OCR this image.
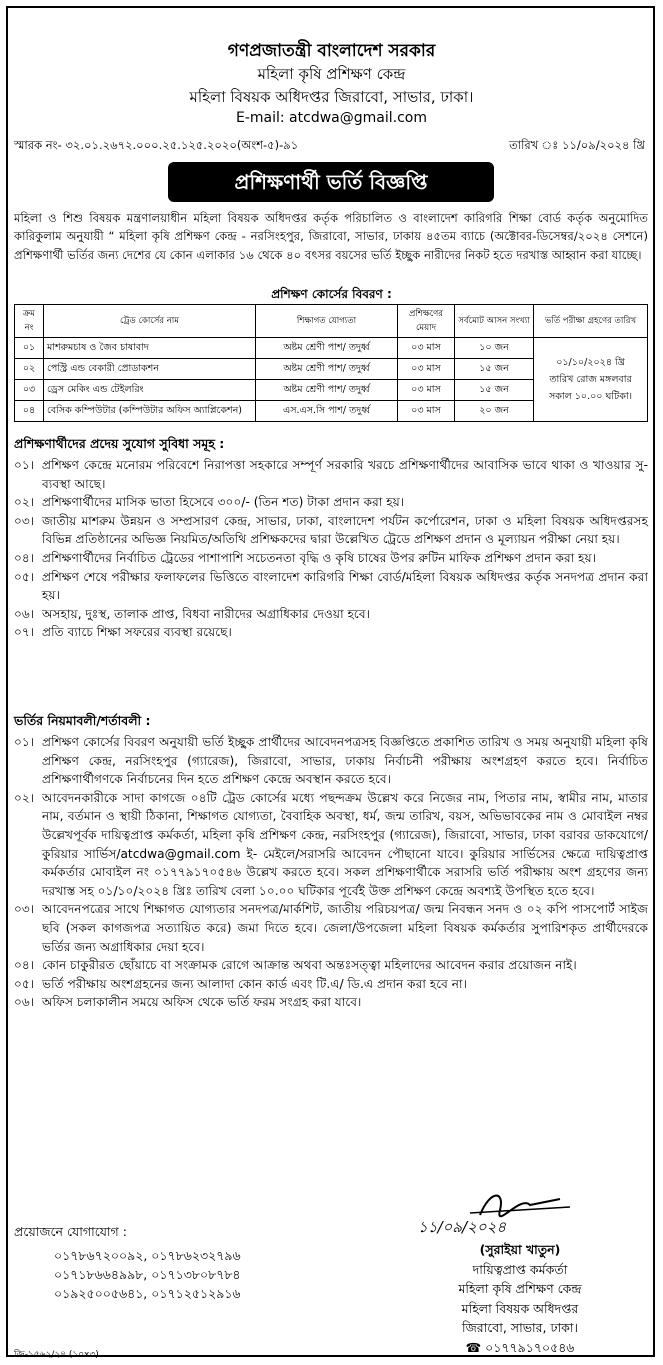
গণপ্রজাতন্ত্রী বাংলাদেশ সরকার
মহিলা কৃষি প্রশিক্ষণ কেন্দ্র
মহিলা বিষয়ক অধিদপ্তর জিরাবো, সাভার, ঢাকা।
E-mail: atcdwa@gmail.com
স্মারক নং- ৩২.০১.২৬৭২.০০০.২৫.১২৫.২০২০(অংশ-৫)-৯১	তারিখ ঃ ১১/০৯/২০২৪ খ্রি
প্রশিক্ষণার্থী ভর্তি বিজ্ঞপ্তি
মহিলা ও শিশু বিষয়ক মন্ত্রণালয়াধীন মহিলা বিষয়ক অধিদপ্তর কর্তৃক পরিচালিত ও বাংলাদেশ কারিগরি শিক্ষা বোর্ড কর্তৃক অনুমোদিত কারিকুলাম অনুযায়ী “ মহিলা কৃষি প্রশিক্ষণ কেন্দ্র - নরসিংহপুর, জিরাবো, সাভার, ঢাকায় ৪৫তম ব্যাচে (অক্টোবর-ডিসেম্বর/২০২৪ সেশনে) প্রশিক্ষণার্থী ভর্তির জন্য দেশের যে কোন এলাকার ১৬ থেকে ৪০ বৎসর বয়সের ভর্তি ইচ্ছুক নারীদের নিকট হতে দরখাস্ত আহ্বান করা যাচ্ছে।
প্রশিক্ষণ কোর্সের বিবরণ :
ক্রম নং	ট্রেড কোর্সের নাম	শিক্ষাগত যোগ্যতা	প্রশিক্ষণের মেয়াদ	সর্বমোট আসন সংখ্যা	ভর্তি পরীক্ষা গ্রহণের তারিখ
০১	মাশরুমচাষ ও জৈব চাষাবাদ	অষ্টম শ্রেণী পাশ/ তদুর্ধ্ব	০৩ মাস	১০ জন	০১/১০/২০২৪ খ্রি
তারিখ রোজ মঙ্গলবার
সকাল ১০.০০ ঘটিকা।

০২	পেস্ট্রি এন্ড বেকারী প্রোডাকশন	অষ্টম শ্রেণী পাশ/ তদুর্ধ্ব	০৩ মাস	১৫ জন	
০৩	ড্রেস মেকিং এন্ড টেইলরিং	অষ্টম শ্রেণী পাশ/ তদুর্ধ্ব	০৩ মাস	১৫ জন	
০৪	বেসিক কম্পিউটার (কম্পিউটার অফিস অ্যাপ্লিকেশন)	এস.এস.সি পাশ/ তদুর্ধ্ব	০৩ মাস	২০ জন	
প্রশিক্ষণার্থীদের প্রদেয় সুযোগ সুবিধা সমূহ :
০১। প্রশিক্ষণ কেন্দ্রে মনোরম পরিবেশে নিরাপত্তা সহকারে সম্পূর্ণ সরকারি খরচে প্রশিক্ষণার্থীদের আবাসিক ভাবে থাকা ও খাওয়ার সু-ব্যবস্থা আছে।
০২। প্রশিক্ষণার্থীদের মাসিক ভাতা হিসেবে ৩০০/- (তিন শত) টাকা প্রদান করা হয়।
০৩। জাতীয় মাশরুম উন্নয়ন ও সম্প্রসারণ কেন্দ্র, সাভার, ঢাকা, বাংলাদেশ পর্যটন কর্পোরেশন, ঢাকা ও মহিলা বিষয়ক অধিদপ্তরসহ বিভিন্ন প্রতিষ্ঠানের অভিজ্ঞ নিয়মিত/অতিথি প্রশিক্ষকদের দ্বারা উল্লেখিত ট্রেডে প্রশিক্ষণ প্রদান ও মূল্যায়ন পরীক্ষা নেয়া হয়।
০৪। প্রশিক্ষণার্থীদের নির্বাচিত ট্রেডের পাশাপাশি সচেতনতা বৃদ্ধি ও কৃষি চাষের উপর রুটিন মাফিক প্রশিক্ষণ প্রদান করা হয়।
০৫। প্রশিক্ষণ শেষে পরীক্ষার ফলাফলের ভিত্তিতে বাংলাদেশ কারিগরি শিক্ষা বোর্ড/মহিলা বিষয়ক অধিদপ্তর কর্তৃক সনদপত্র প্রদান করা হয়।
০৬। অসহায়, দুঃস্থ, তালাক প্রাপ্ত, বিধবা নারীদের অগ্রাধিকার দেওয়া হবে।
০৭। প্রতি ব্যাচে শিক্ষা সফরের ব্যবস্থা রয়েছে।
ভর্তির নিয়মাবলী/শর্তাবলী :
০১। প্রশিক্ষণ কোর্সের বিবরণ অনুযায়ী ভর্তি ইচ্ছুক প্রার্থীদের আবেদনপত্রসহ বিজ্ঞপ্তিতে প্রকাশিত তারিখ ও সময় অনুযায়ী মহিলা কৃষি প্রশিক্ষণ কেন্দ্র, নরসিংহপুর (গ্যারেজ), জিরাবো, সাভার, ঢাকায় নির্বাচনী পরীক্ষায় অংশগ্রহণ করতে হবে। নির্বাচিত প্রশিক্ষণার্থীগণকে নির্বাচনের দিন হতে প্রশিক্ষণ কেন্দ্রে অবস্থান করতে হবে।
০২। আবেদনকারীকে সাদা কাগজে ০৪টি ট্রেড কোর্সের মধ্যে পছন্দক্রম উল্লেখ করে নিজের নাম, পিতার নাম, স্বামীর নাম, মাতার নাম, বর্তমান ও স্থায়ী ঠিকানা, শিক্ষাগত যোগ্যতা, বৈবাহিক অবস্থা, ধর্ম, জন্ম তারিখ, বয়স, অভিভাবকের নাম ও মোবাইল নম্বর উল্লেখপূর্বক দায়িত্বপ্রাপ্ত কর্মকর্তা, মহিলা কৃষি প্রশিক্ষণ কেন্দ্র, নরসিংহপুর (গ্যারেজ), জিরাবো, সাভার, ঢাকা বরাবর ডাকযোগে/কুরিয়ার সার্ভিস/atcdwa@gmail.com ই- মেইলে/সরাসরি আবেদন পৌছানো যাবে। কুরিয়ার সার্ভিসের ক্ষেত্রে দায়িত্বপ্রাপ্ত কর্মকর্তার মোবাইল নং ০১৭৭৯১৭০৫৪৬ উল্লেখ করতে হবে। সকল প্রশিক্ষণার্থীকে সরাসরি ভর্তি পরীক্ষায় অংশ গ্রহণের জন্য দরখাস্ত সহ ০১/১০/২০২৪ খ্রিঃ তারিখ বেলা ১০.০০ ঘটিকার পূর্বেই উক্ত প্রশিক্ষণ কেন্দ্রে অবশ্যই উপস্থিত হতে হবে।
০৩। আবেদনপত্রের সাথে শিক্ষাগত যোগ্যতার সনদপত্র/মার্কশিট, জাতীয় পরিচয়পত্র/ জন্ম নিবন্ধন সনদ ও ০২ কপি পাসপোর্ট সাইজ ছবি (সকল কাগজপত্র সত্যায়িত করে) জমা দিতে হবে। জেলা/উপজেলা মহিলা বিষয়ক কর্মকর্তার সুপারিশকৃত প্রার্থীদেরকে ভর্তির জন্য অগ্রাধিকার দেয়া হবে।
০৪। কোন চাকুরীরত ছোঁয়াচে বা সংক্রামক রোগে আক্রান্ত অথবা অন্তঃসত্ত্বা মহিলাদের আবেদন করার প্রয়োজন নাই।
০৫। ভর্তি পরীক্ষায় অংশগ্রহনের জন্য আলাদা কোন কার্ড এবং টি.এ/ ডি.এ প্রদান করা হবে না।
০৬। অফিস চলাকালীন সময়ে অফিস থেকে ভর্তি ফরম সংগ্রহ করা যাবে।
প্রয়োজনে যোগাযোগ :
০১৭৮৬৭২০০৯২, ০১৭৮৬২৩২৭৯৬
০১৭১৮৬৬৪৯৯৮, ০১৭১৩৮০৮৭৮৪
০১৯২৫০০৫৬৪১, ০১৭১২৫১২৯১৬
১১/০৯/২০২৪
(সুরাইয়া খাতুন)
দায়িত্বপ্রাপ্ত কর্মকর্তা
মহিলা কৃষি প্রশিক্ষণ কেন্দ্র
মহিলা বিষয়ক অধিদপ্তর
জিরাবো, সাভার, ঢাকা।
☎ ০১৭৭৯১৭০৫৪৬
জি-১৫৬২/২৪ (১০x৩)
